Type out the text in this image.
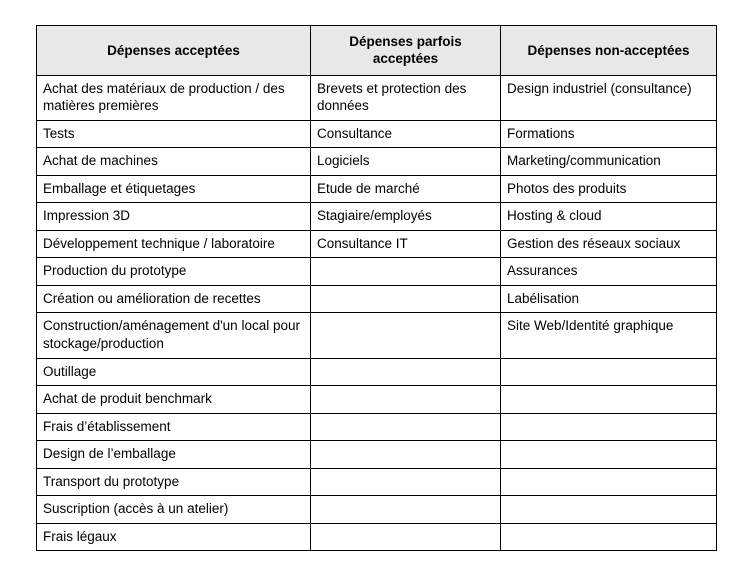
Dépenses acceptées	Dépenses parfois acceptées	Dépenses non-acceptées
Achat des matériaux de production / des matières premières	Brevets et protection des données	Design industriel (consultance)
Tests	Consultance	Formations
Achat de machines	Logiciels	Marketing/communication
Emballage et étiquetages	Etude de marché	Photos des produits
Impression 3D	Stagiaire/employés	Hosting & cloud
Développement technique / laboratoire	Consultance IT	Gestion des réseaux sociaux
Production du prototype		Assurances
Création ou amélioration de recettes		Labélisation
Construction/aménagement d'un local pour stockage/production		Site Web/Identité graphique
Outillage		
Achat de produit benchmark		
Frais d’établissement		
Design de l’emballage		
Transport du prototype		
Suscription (accès à un atelier)		
Frais légaux		
